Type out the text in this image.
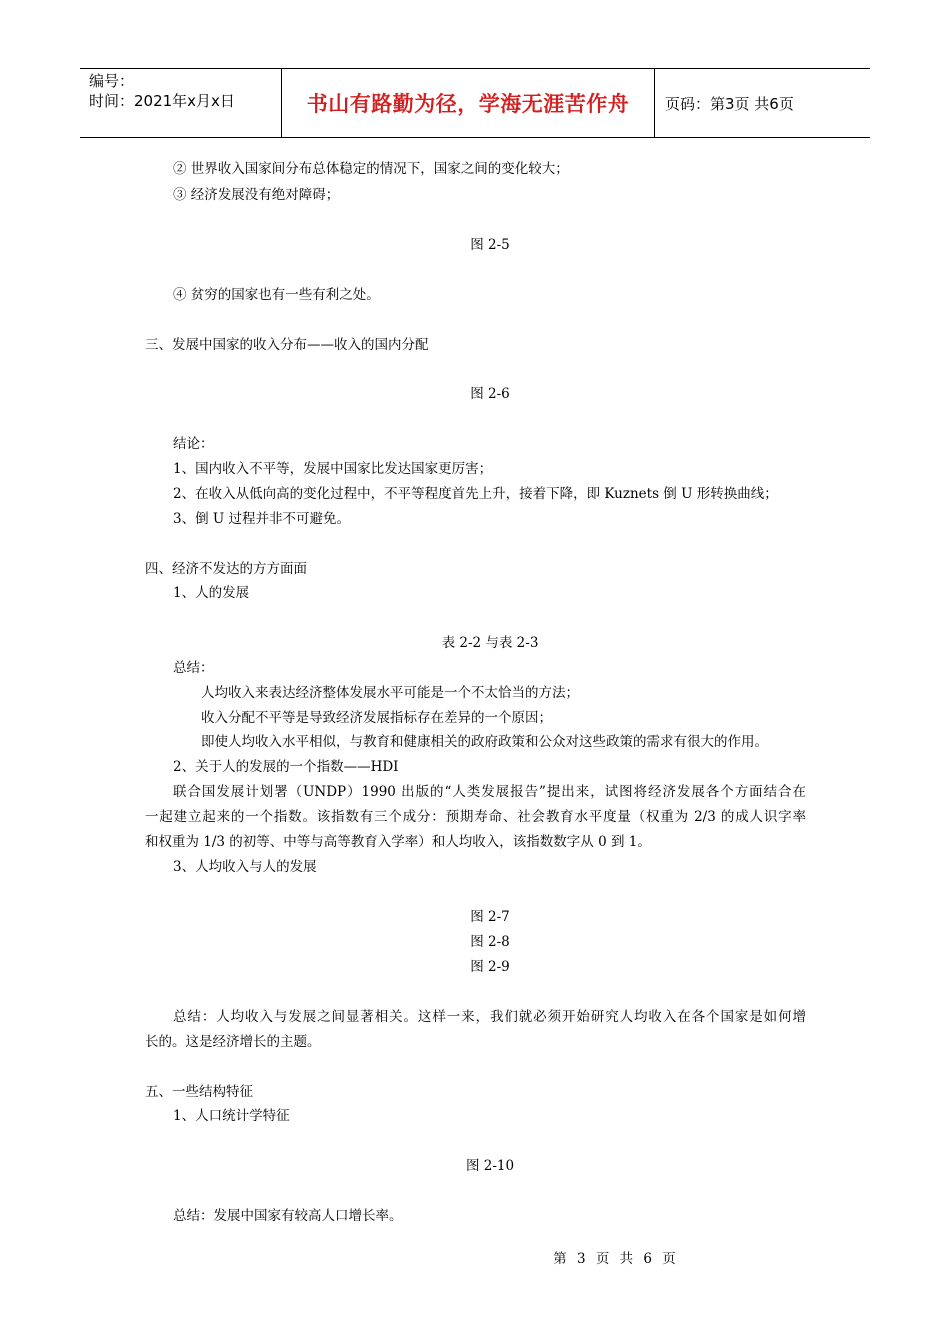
编号：
时间：2021年x月x日	书山有路勤为径，学海无涯苦作舟	页码：第3页 共6页
② 世界收入国家间分布总体稳定的情况下，国家之间的变化较大；
③ 经济发展没有绝对障碍；
图 2-5
④ 贫穷的国家也有一些有利之处。
三、发展中国家的收入分布——收入的国内分配
图 2-6
结论：
1、国内收入不平等，发展中国家比发达国家更厉害；
2、在收入从低向高的变化过程中，不平等程度首先上升，接着下降，即 Kuznets 倒 U 形转换曲线；
3、倒 U 过程并非不可避免。
四、经济不发达的方方面面
1、人的发展
表 2-2 与表 2-3
总结：
人均收入来表达经济整体发展水平可能是一个不太恰当的方法；
收入分配不平等是导致经济发展指标存在差异的一个原因；
即使人均收入水平相似，与教育和健康相关的政府政策和公众对这些政策的需求有很大的作用。
2、关于人的发展的一个指数——HDI
联合国发展计划署（UNDP）1990 出版的“人类发展报告”提出来，试图将经济发展各个方面结合在
一起建立起来的一个指数。该指数有三个成分：预期寿命、社会教育水平度量（权重为 2/3 的成人识字率
和权重为 1/3 的初等、中等与高等教育入学率）和人均收入，该指数数字从 0 到 1。
3、人均收入与人的发展
图 2-7
图 2-8
图 2-9
总结：人均收入与发展之间显著相关。这样一来，我们就必须开始研究人均收入在各个国家是如何增
长的。这是经济增长的主题。
五、一些结构特征
1、人口统计学特征
图 2-10
总结：发展中国家有较高人口增长率。
第 3 页 共 6 页
